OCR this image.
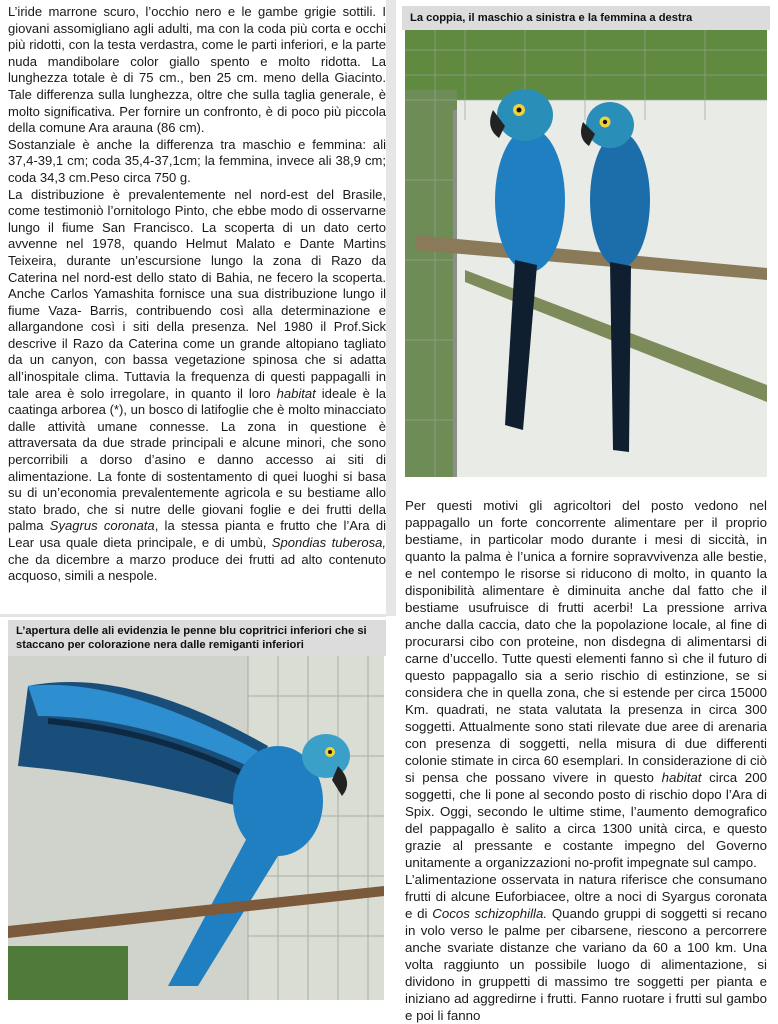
L’iride marrone scuro, l’occhio nero e le gambe grigie sottili. I giovani assomigliano agli adulti, ma con la coda più corta e occhi più ridotti, con la testa verdastra, come le parti inferiori, e la parte nuda mandibolare color giallo spento e molto ridotta. La lunghezza totale è di 75 cm., ben 25 cm. meno della Giacinto. Tale differenza sulla lunghezza, oltre che sulla taglia generale, è molto significativa. Per fornire un confronto, è di poco più piccola della comune Ara arauna (86 cm).

Sostanziale è anche la differenza tra maschio e femmina: ali 37,4-39,1 cm; coda 35,4-37,1cm; la femmina, invece ali 38,9 cm; coda 34,3 cm.Peso circa 750 g.

La distribuzione è prevalentemente nel nord-est del Brasile, come testimoniò l’ornitologo Pinto, che ebbe modo di osservarne lungo il fiume San Francisco. La scoperta di un dato certo avvenne nel 1978, quando Helmut Malato e Dante Martins Teixeira, durante un’escursione lungo la zona di Razo da Caterina nel nord-est dello stato di Bahia, ne fecero la scoperta. Anche Carlos Yamashita fornisce una sua distribuzione lungo il fiume Vaza- Barris, contribuendo così alla determinazione e allargandone così i siti della presenza. Nel 1980 il Prof.Sick descrive il Razo da Caterina come un grande altopiano tagliato da un canyon, con bassa vegetazione spinosa che si adatta all’inospitale clima. Tuttavia la frequenza di questi pappagalli in tale area è solo irregolare, in quanto il loro habitat ideale è la caatinga arborea (*), un bosco di latifoglie che è molto minacciato dalle attività umane connesse. La zona in questione è attraversata da due strade principali e alcune minori, che sono percorribili a dorso d’asino e danno accesso ai siti di alimentazione. La fonte di sostentamento di quei luoghi si basa su di un’economia prevalentemente agricola e su bestiame allo stato brado, che si nutre delle giovani foglie e dei frutti della palma Syagrus coronata, la stessa pianta e frutto che l’Ara di Lear usa quale dieta principale, e di umbù, Spondias tuberosa, che da dicembre a marzo produce dei frutti ad alto contenuto acquoso, simili a nespole.

La coppia, il maschio a sinistra e la femmina a destra
L’apertura delle ali evidenzia le penne blu copritrici inferiori che si staccano per colorazione nera dalle remiganti inferiori

Per questi motivi gli agricoltori del posto vedono nel pappagallo un forte concorrente alimentare per il proprio bestiame, in particolar modo durante i mesi di siccità, in quanto la palma è l’unica a fornire sopravvivenza alle bestie, e nel contempo le risorse si riducono di molto, in quanto la disponibilità alimentare è diminuita anche dal fatto che il bestiame usufruisce di frutti acerbi! La pressione arriva anche dalla caccia, dato che la popolazione locale, al fine di procurarsi cibo con proteine, non disdegna di alimentarsi di carne d’uccello. Tutte questi elementi fanno sì che il futuro di questo pappagallo sia a serio rischio di estinzione, se si considera che in quella zona, che si estende per circa 15000 Km. quadrati, ne stata valutata la presenza in circa 300 soggetti. Attualmente sono stati rilevate due aree di arenaria con presenza di soggetti, nella misura di due differenti colonie stimate in circa 60 esemplari. In considerazione di ciò si pensa che possano vivere in questo habitat circa 200 soggetti, che li pone al secondo posto di rischio dopo l’Ara di Spix. Oggi, secondo le ultime stime, l’aumento demografico del pappagallo è salito a circa 1300 unità circa, e questo grazie al pressante e costante impegno del Governo unitamente a organizzazioni no-profit impegnate sul campo.

L’alimentazione osservata in natura riferisce che consumano frutti di alcune Euforbiacee, oltre a noci di Syargus coronata e di Cocos schizophilla. Quando gruppi di soggetti si recano in volo verso le palme per cibarsene, riescono a percorrere anche svariate distanze che variano da 60 a 100 km. Una volta raggiunto un possibile luogo di alimentazione, si dividono in gruppetti di massimo tre soggetti per pianta e iniziano ad aggredirne i frutti. Fanno ruotare i frutti sul gambo e poi li fanno
